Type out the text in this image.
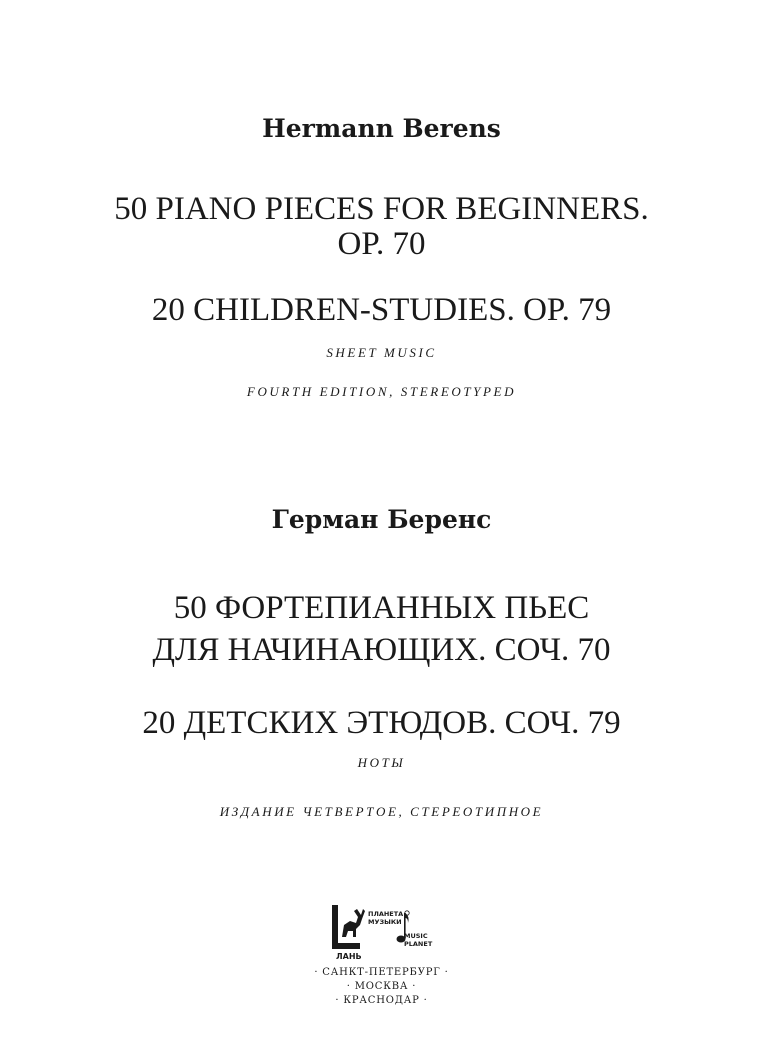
Hermann Berens
50 PIANO PIECES FOR BEGINNERS.
OP. 70
20 CHILDREN-STUDIES. OP. 79
SHEET MUSIC
FOURTH EDITION, STEREOTYPED
Герман Беренс
50 ФОРТЕПИАННЫХ ПЬЕС
ДЛЯ НАЧИНАЮЩИХ. СОЧ. 70
20 ДЕТСКИХ ЭТЮДОВ. СОЧ. 79
НОТЫ
ИЗДАНИЕ ЧЕТВЕРТОЕ, СТЕРЕОТИПНОЕ
ЛАНЬ
ПЛАНЕТА
МУЗЫКИ
MUSIC
PLANET
· САНКТ-ПЕТЕРБУРГ ·
· МОСКВА ·
· КРАСНОДАР ·
